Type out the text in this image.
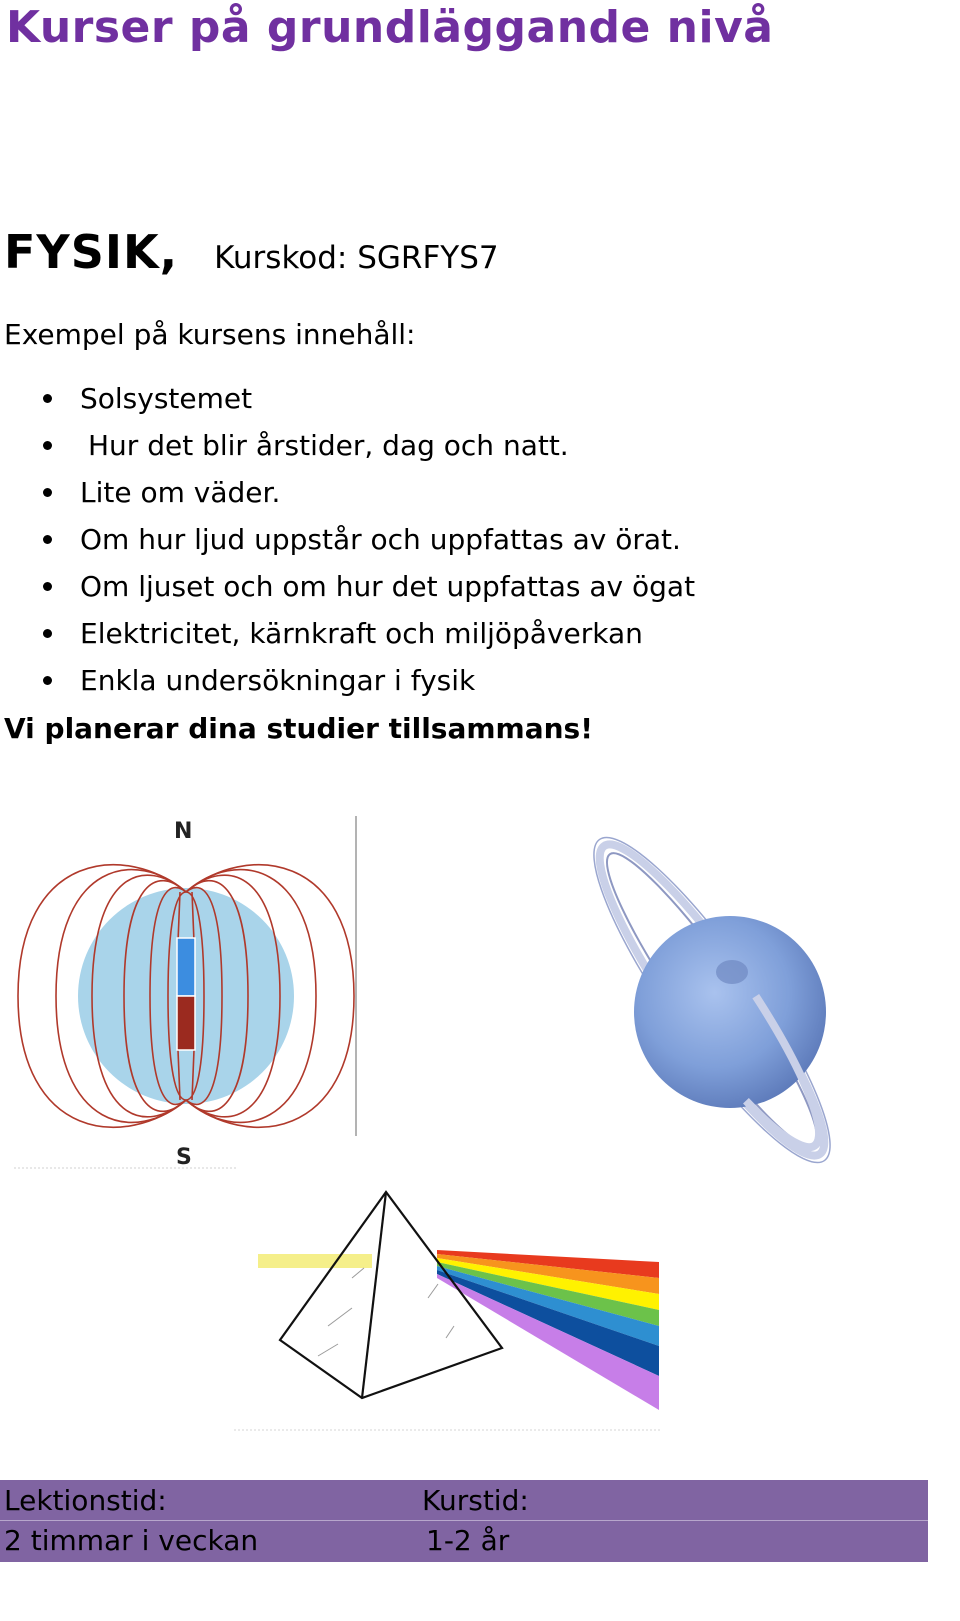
Kurser på grundläggande nivå
FYSIK, Kurskod: SGRFYS7
Exempel på kursens innehåll:
Solsystemet
Hur det blir årstider, dag och natt.
Lite om väder.
Om hur ljud uppstår och uppfattas av örat.
Om ljuset och om hur det uppfattas av ögat
Elektricitet, kärnkraft och miljöpåverkan
Enkla undersökningar i fysik
Vi planerar dina studier tillsammans!
N
S
Lektionstid:	Kurstid:
2 timmar i veckan	1-2 år
